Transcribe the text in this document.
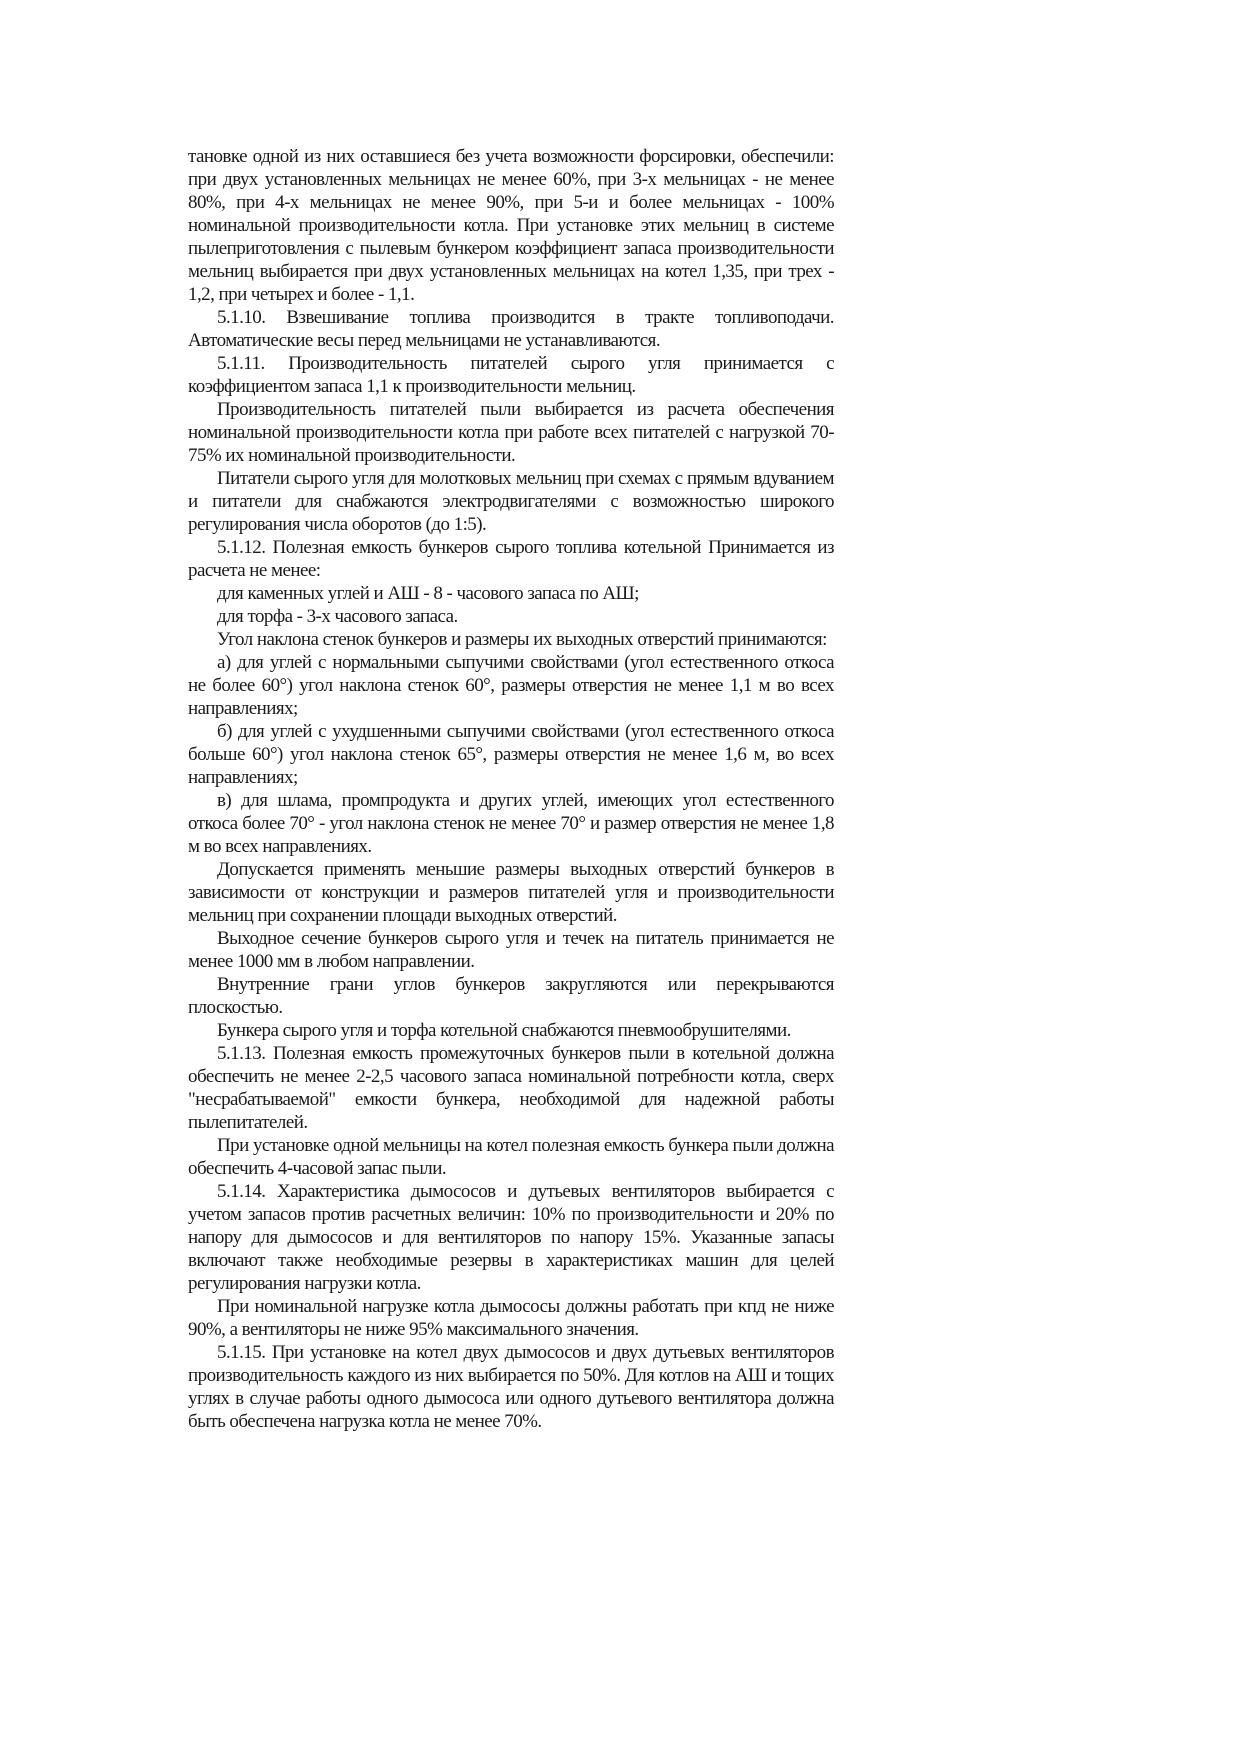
тановке одной из них оставшиеся без учета возможности форсировки, обеспечили: при двух установленных мельницах не менее 60%, при 3-х мельницах - не менее 80%, при 4-х мельницах не менее 90%, при 5-и и более мельницах - 100% номинальной производительности котла. При установке этих мельниц в системе пылеприготовления с пылевым бункером коэффициент запаса производительности мельниц выбирается при двух установленных мельницах на котел 1,35, при трех - 1,2, при четырех и более - 1,1.

5.1.10. Взвешивание топлива производится в тракте топливоподачи. Автоматические весы перед мельницами не устанавливаются.

5.1.11. Производительность питателей сырого угля принимается с коэффициентом запаса 1,1 к производительности мельниц.

Производительность питателей пыли выбирается из расчета обеспечения номинальной производительности котла при работе всех питателей с нагрузкой 70-75% их номинальной производительности.

Питатели сырого угля для молотковых мельниц при схемах с прямым вдуванием и питатели для снабжаются электродвигателями с возможностью широкого регулирования числа оборотов (до 1:5).

5.1.12. Полезная емкость бункеров сырого топлива котельной Принимается из расчета не менее:

для каменных углей и АШ - 8 - часового запаса по АШ;

для торфа - 3-х часового запаса.

Угол наклона стенок бункеров и размеры их выходных отверстий принимаются:

а) для углей с нормальными сыпучими свойствами (угол естественного откоса не более 60°) угол наклона стенок 60°, размеры отверстия не менее 1,1 м во всех направлениях;

б) для углей с ухудшенными сыпучими свойствами (угол естественного откоса больше 60°) угол наклона стенок 65°, размеры отверстия не менее 1,6 м, во всех направлениях;

в) для шлама, промпродукта и других углей, имеющих угол естественного откоса более 70° - угол наклона стенок не менее 70° и размер отверстия не менее 1,8 м во всех направлениях.

Допускается применять меньшие размеры выходных отверстий бункеров в зависимости от конструкции и размеров питателей угля и производительности мельниц при сохранении площади выходных отверстий.

Выходное сечение бункеров сырого угля и течек на питатель принимается не менее 1000 мм в любом направлении.

Внутренние грани углов бункеров закругляются или перекрываются плоскостью.

Бункера сырого угля и торфа котельной снабжаются пневмообрушителями.

5.1.13. Полезная емкость промежуточных бункеров пыли в котельной должна обеспечить не менее 2-2,5 часового запаса номинальной потребности котла, сверх "несрабатываемой" емкости бункера, необходимой для надежной работы пылепитателей.

При установке одной мельницы на котел полезная емкость бункера пыли должна обеспечить 4-часовой запас пыли.

5.1.14. Характеристика дымососов и дутьевых вентиляторов выбирается с учетом запасов против расчетных величин: 10% по производительности и 20% по напору для дымососов и для вентиляторов по напору 15%. Указанные запасы включают также необходимые резервы в характеристиках машин для целей регулирования нагрузки котла.

При номинальной нагрузке котла дымососы должны работать при кпд не ниже 90%, а вентиляторы не ниже 95% максимального значения.

5.1.15. При установке на котел двух дымососов и двух дутьевых вентиляторов производительность каждого из них выбирается по 50%. Для котлов на АШ и тощих углях в случае работы одного дымососа или одного дутьевого вентилятора должна быть обеспечена нагрузка котла не менее 70%.
